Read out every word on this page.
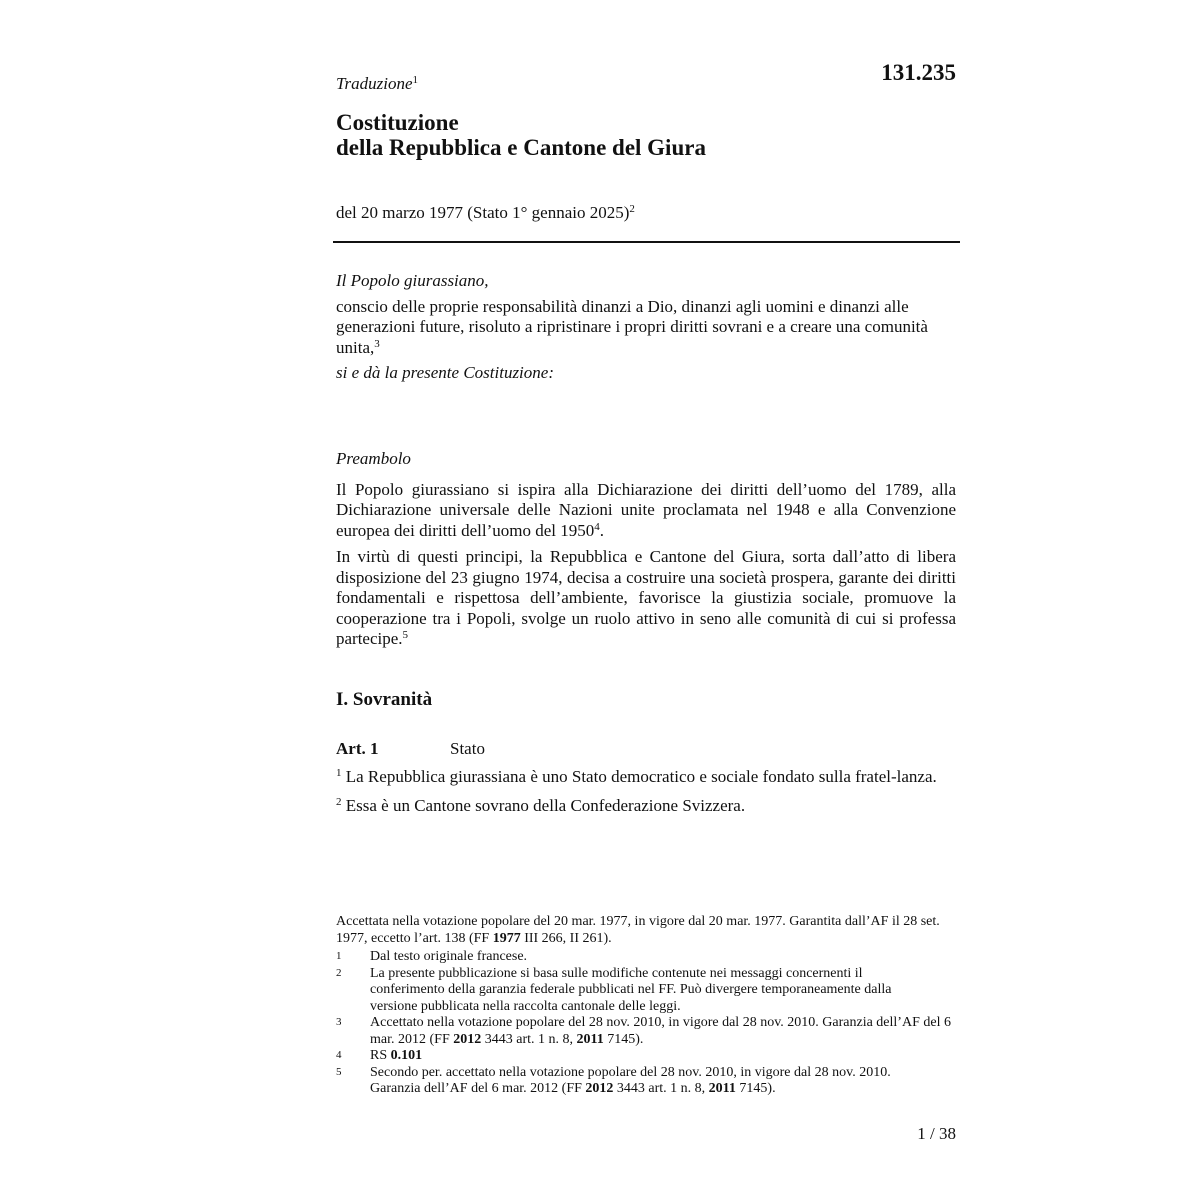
Traduzione$^1$	131.235
Costituzione
della Repubblica e Cantone del Giura
del 20 marzo 1977 (Stato 1° gennaio 2025)$^2$

Il Popolo giurassiano,

conscio delle proprie responsabilità dinanzi a Dio, dinanzi agli uomini e dinanzi alle generazioni future, risoluto a ripristinare i propri diritti sovrani e a creare una comunità unita,$^3$

si e dà la presente Costituzione:

Preambolo

Il Popolo giurassiano si ispira alla Dichiarazione dei diritti dell’uomo del 1789, alla Dichiarazione universale delle Nazioni unite proclamata nel 1948 e alla Convenzione europea dei diritti dell’uomo del 1950$^4$.

In virtù di questi principi, la Repubblica e Cantone del Giura, sorta dall’atto di libera disposizione del 23 giugno 1974, decisa a costruire una società prospera, garante dei diritti fondamentali e rispettosa dell’ambiente, favorisce la giustizia sociale, promuove la cooperazione tra i Popoli, svolge un ruolo attivo in seno alle comunità di cui si professa partecipe.$^5$

I. Sovranità
Art. 1	Stato

$^1$ La Repubblica giurassiana è uno Stato democratico e sociale fondato sulla fratel-lanza.

$^2$ Essa è un Cantone sovrano della Confederazione Svizzera.

Accettata nella votazione popolare del 20 mar. 1977, in vigore dal 20 mar. 1977. Garantita dall’AF il 28 set. 1977, eccetto l’art. 138 (FF 1977 III 266, II 261).

1	Dal testo originale francese.
2	La presente pubblicazione si basa sulle modifiche contenute nei messaggi concernenti il conferimento della garanzia federale pubblicati nel FF. Può divergere temporaneamente dalla versione pubblicata nella raccolta cantonale delle leggi.
3	Accettato nella votazione popolare del 28 nov. 2010, in vigore dal 28 nov. 2010. Garanzia dell’AF del 6 mar. 2012 (FF 2012 3443 art. 1 n. 8, 2011 7145).
4	RS 0.101
5	Secondo per. accettato nella votazione popolare del 28 nov. 2010, in vigore dal 28 nov. 2010. Garanzia dell’AF del 6 mar. 2012 (FF 2012 3443 art. 1 n. 8, 2011 7145).
1 / 38
